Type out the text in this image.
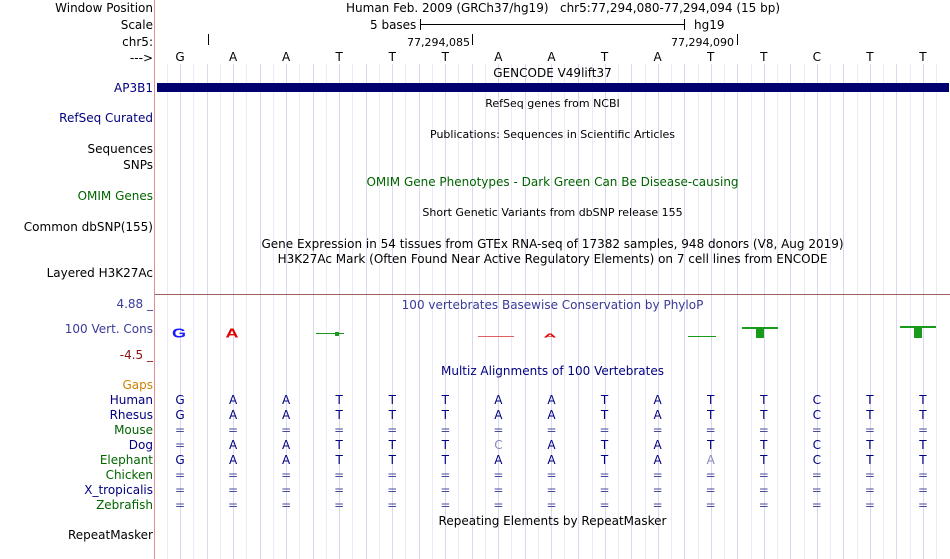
Window Position
Scale
chr5:
--->
Human Feb. 2009 (GRCh37/hg19) chr5:77,294,080-77,294,094 (15 bp)
5 bases	hg19
77,294,085	77,294,090
G	A	A	T	T	T	A	A	T	A	T	T	C	T	T
GENCODE V49lift37
AP3B1
RefSeq genes from NCBI
RefSeq Curated
Publications: Sequences in Scientific Articles
Sequences
SNPs
OMIM Gene Phenotypes - Dark Green Can Be Disease-causing
OMIM Genes
Short Genetic Variants from dbSNP release 155
Common dbSNP(155)
Gene Expression in 54 tissues from GTEx RNA-seq of 17382 samples, 948 donors (V8, Aug 2019)
H3K27Ac Mark (Often Found Near Active Regulatory Elements) on 7 cell lines from ENCODE
Layered H3K27Ac
100 vertebrates Basewise Conservation by PhyloP
4.88 _
100 Vert. Cons
-4.5 _
G A	A
Multiz Alignments of 100 Vertebrates
Gaps
Human	G	A	A	T	T	T	A	A	T	A	T	T	C	T	T
Rhesus	G	A	A	T	T	T	A	A	T	A	T	T	C	T	T
Mouse	=	=	=	=	=	=	=	=	=	=	=	=	=	=	=
Dog	=	A	A	T	T	T	C	A	T	A	T	T	C	T	T
Elephant	G	A	A	T	T	T	A	A	T	A	A	T	C	T	T
Chicken	=	=	=	=	=	=	=	=	=	=	=	=	=	=	=
X_tropicalis	=	=	=	=	=	=	=	=	=	=	=	=	=	=	=
Zebrafish	=	=	=	=	=	=	=	=	=	=	=	=	=	=	=
Repeating Elements by RepeatMasker
RepeatMasker
